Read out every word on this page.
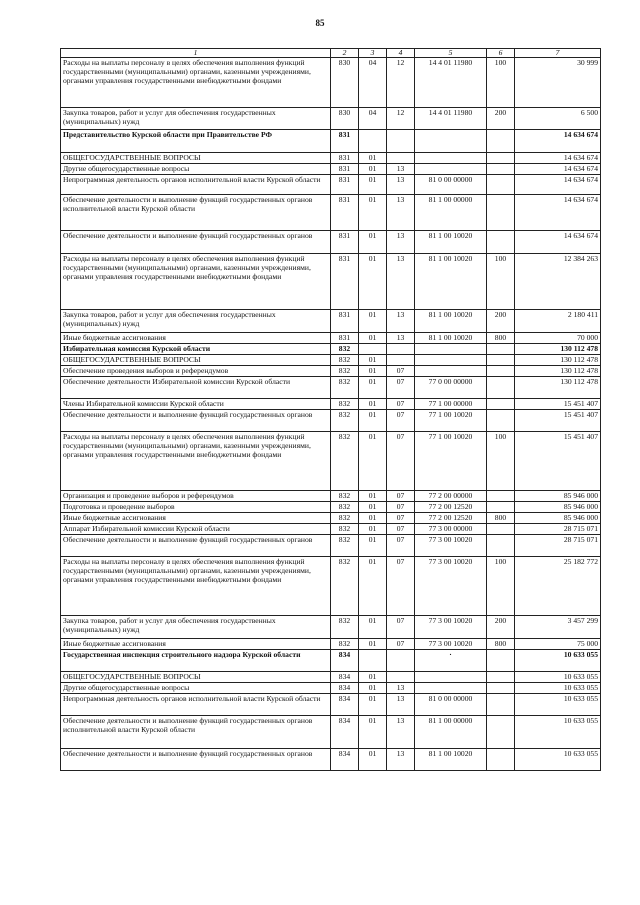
85
1	2	3	4	5	6	7
Расходы на выплаты персоналу в целях обеспечения выполнения функций государственными (муниципальными) органами, казенными учреждениями, органами управления государственными внебюджетными фондами	830	04	12	14 4 01 11980	100	30 999
Закупка товаров, работ и услуг для обеспечения государственных (муниципальных) нужд	830	04	12	14 4 01 11980	200	6 500
Представительство Курской области при Правительстве РФ	831					14 634 674
ОБЩЕГОСУДАРСТВЕННЫЕ ВОПРОСЫ	831	01				14 634 674
Другие общегосударственные вопросы	831	01	13			14 634 674
Непрограммная деятельность органов исполнительной власти Курской области	831	01	13	81 0 00 00000		14 634 674
Обеспечение деятельности и выполнение функций государственных органов исполнительной власти Курской области	831	01	13	81 1 00 00000		14 634 674
Обеспечение деятельности и выполнение функций государственных органов	831	01	13	81 1 00 10020		14 634 674
Расходы на выплаты персоналу в целях обеспечения выполнения функций государственными (муниципальными) органами, казенными учреждениями, органами управления государственными внебюджетными фондами	831	01	13	81 1 00 10020	100	12 384 263
Закупка товаров, работ и услуг для обеспечения государственных (муниципальных) нужд	831	01	13	81 1 00 10020	200	2 180 411
Иные бюджетные ассигнования	831	01	13	81 1 00 10020	800	70 000
Избирательная комиссия Курской области	832					130 112 478
ОБЩЕГОСУДАРСТВЕННЫЕ ВОПРОСЫ	832	01				130 112 478
Обеспечение проведения выборов и референдумов	832	01	07			130 112 478
Обеспечение деятельности Избирательной комиссии Курской области	832	01	07	77 0 00 00000		130 112 478
Члены Избирательной комиссии Курской области	832	01	07	77 1 00 00000		15 451 407
Обеспечение деятельности и выполнение функций государственных органов	832	01	07	77 1 00 10020		15 451 407
Расходы на выплаты персоналу в целях обеспечения выполнения функций государственными (муниципальными) органами, казенными учреждениями, органами управления государственными внебюджетными фондами	832	01	07	77 1 00 10020	100	15 451 407
Организация и проведение выборов и референдумов	832	01	07	77 2 00 00000		85 946 000
Подготовка и проведение выборов	832	01	07	77 2 00 12520		85 946 000
Иные бюджетные ассигнования	832	01	07	77 2 00 12520	800	85 946 000
Аппарат Избирательной комиссии Курской области	832	01	07	77 3 00 00000		28 715 071
Обеспечение деятельности и выполнение функций государственных органов	832	01	07	77 3 00 10020		28 715 071
Расходы на выплаты персоналу в целях обеспечения выполнения функций государственными (муниципальными) органами, казенными учреждениями, органами управления государственными внебюджетными фондами	832	01	07	77 3 00 10020	100	25 182 772
Закупка товаров, работ и услуг для обеспечения государственных (муниципальных) нужд	832	01	07	77 3 00 10020	200	3 457 299
Иные бюджетные ассигнования	832	01	07	77 3 00 10020	800	75 000
Государственная инспекция строительного надзора Курской области	834			·		10 633 055
ОБЩЕГОСУДАРСТВЕННЫЕ ВОПРОСЫ	834	01				10 633 055
Другие общегосударственные вопросы	834	01	13			10 633 055
Непрограммная деятельность органов исполнительной власти Курской области	834	01	13	81 0 00 00000		10 633 055
Обеспечение деятельности и выполнение функций государственных органов исполнительной власти Курской области	834	01	13	81 1 00 00000		10 633 055
Обеспечение деятельности и выполнение функций государственных органов	834	01	13	81 1 00 10020		10 633 055
